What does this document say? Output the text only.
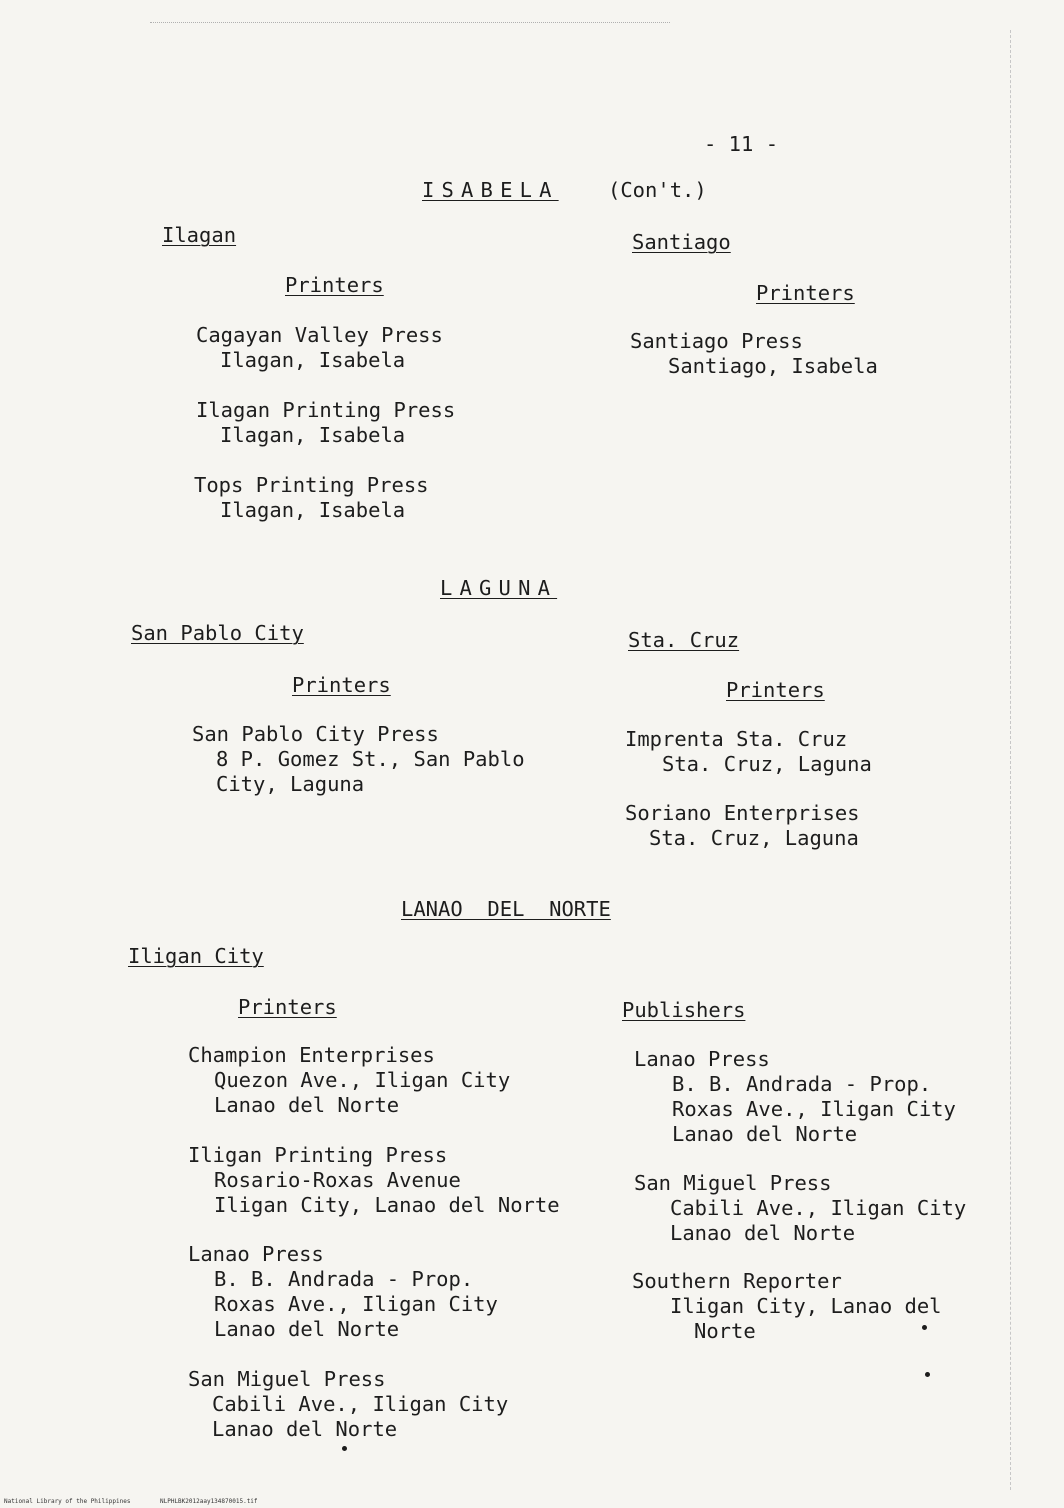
- 11 -
ISABELA (Con't.)
Ilagan
Printers
Cagayan Valley Press
Ilagan, Isabela
Ilagan Printing Press
Ilagan, Isabela
Tops Printing Press
Ilagan, Isabela
Santiago
Printers
Santiago Press
Santiago, Isabela
LAGUNA
San Pablo City
Printers
San Pablo City Press
8 P. Gomez St., San Pablo
City, Laguna
Sta. Cruz
Printers
Imprenta Sta. Cruz
Sta. Cruz, Laguna
Soriano Enterprises
Sta. Cruz, Laguna
LANAO  DEL  NORTE
Iligan City
Printers
Champion Enterprises
Quezon Ave., Iligan City
Lanao del Norte
Iligan Printing Press
Rosario-Roxas Avenue
Iligan City, Lanao del Norte
Lanao Press
B. B. Andrada - Prop.
Roxas Ave., Iligan City
Lanao del Norte
San Miguel Press
Cabili Ave., Iligan City
Lanao del Norte
Publishers
Lanao Press
B. B. Andrada - Prop.
Roxas Ave., Iligan City
Lanao del Norte
San Miguel Press
Cabili Ave., Iligan City
Lanao del Norte
Southern Reporter
Iligan City, Lanao del
Norte
National Library of the Philippines	NLPHLBK2012aay134870015.tif
